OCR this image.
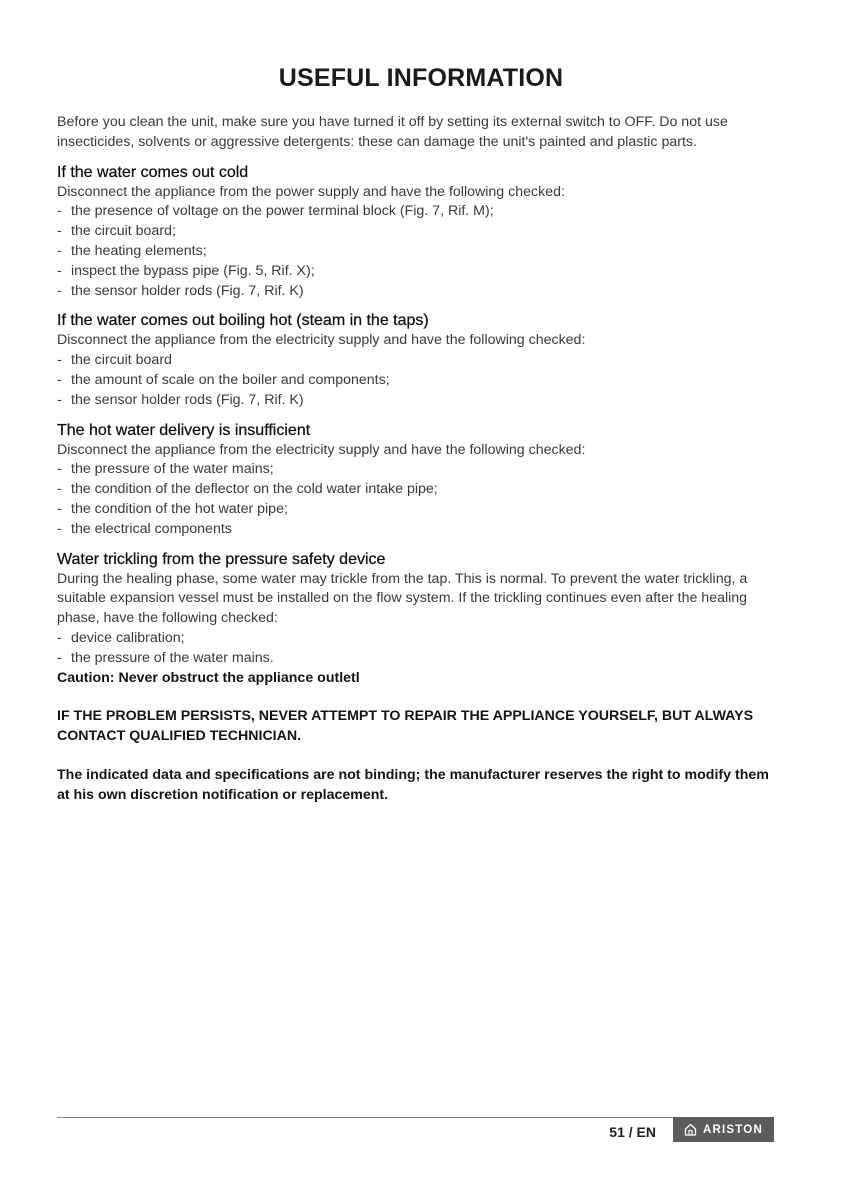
USEFUL INFORMATION

Before you clean the unit, make sure you have turned it off by setting its external switch to OFF. Do not use insecticides, solvents or aggressive detergents: these can damage the unit's painted and plastic parts.

If the water comes out cold

Disconnect the appliance from the power supply and have the following checked:

- the presence of voltage on the power terminal block (Fig. 7, Rif. M);
- the circuit board;
- the heating elements;
- inspect the bypass pipe (Fig. 5, Rif. X);
- the sensor holder rods (Fig. 7, Rif. K)
If the water comes out boiling hot (steam in the taps)

Disconnect the appliance from the electricity supply and have the following checked:

- the circuit board
- the amount of scale on the boiler and components;
- the sensor holder rods (Fig. 7, Rif. K)
The hot water delivery is insufficient

Disconnect the appliance from the electricity supply and have the following checked:

- the pressure of the water mains;
- the condition of the deflector on the cold water intake pipe;
- the condition of the hot water pipe;
- the electrical components
Water trickling from the pressure safety device

During the healing phase, some water may trickle from the tap. This is normal. To prevent the water trickling, a suitable expansion vessel must be installed on the flow system. If the trickling continues even after the healing phase, have the following checked:

- device calibration;
- the pressure of the water mains.

Caution: Never obstruct the appliance outletl

IF THE PROBLEM PERSISTS, NEVER ATTEMPT TO REPAIR THE APPLIANCE YOURSELF, BUT ALWAYS CONTACT QUALIFIED TECHNICIAN.

The indicated data and specifications are not binding; the manufacturer reserves the right to modify them at his own discretion notification or replacement.

51 / EN	ARISTON
